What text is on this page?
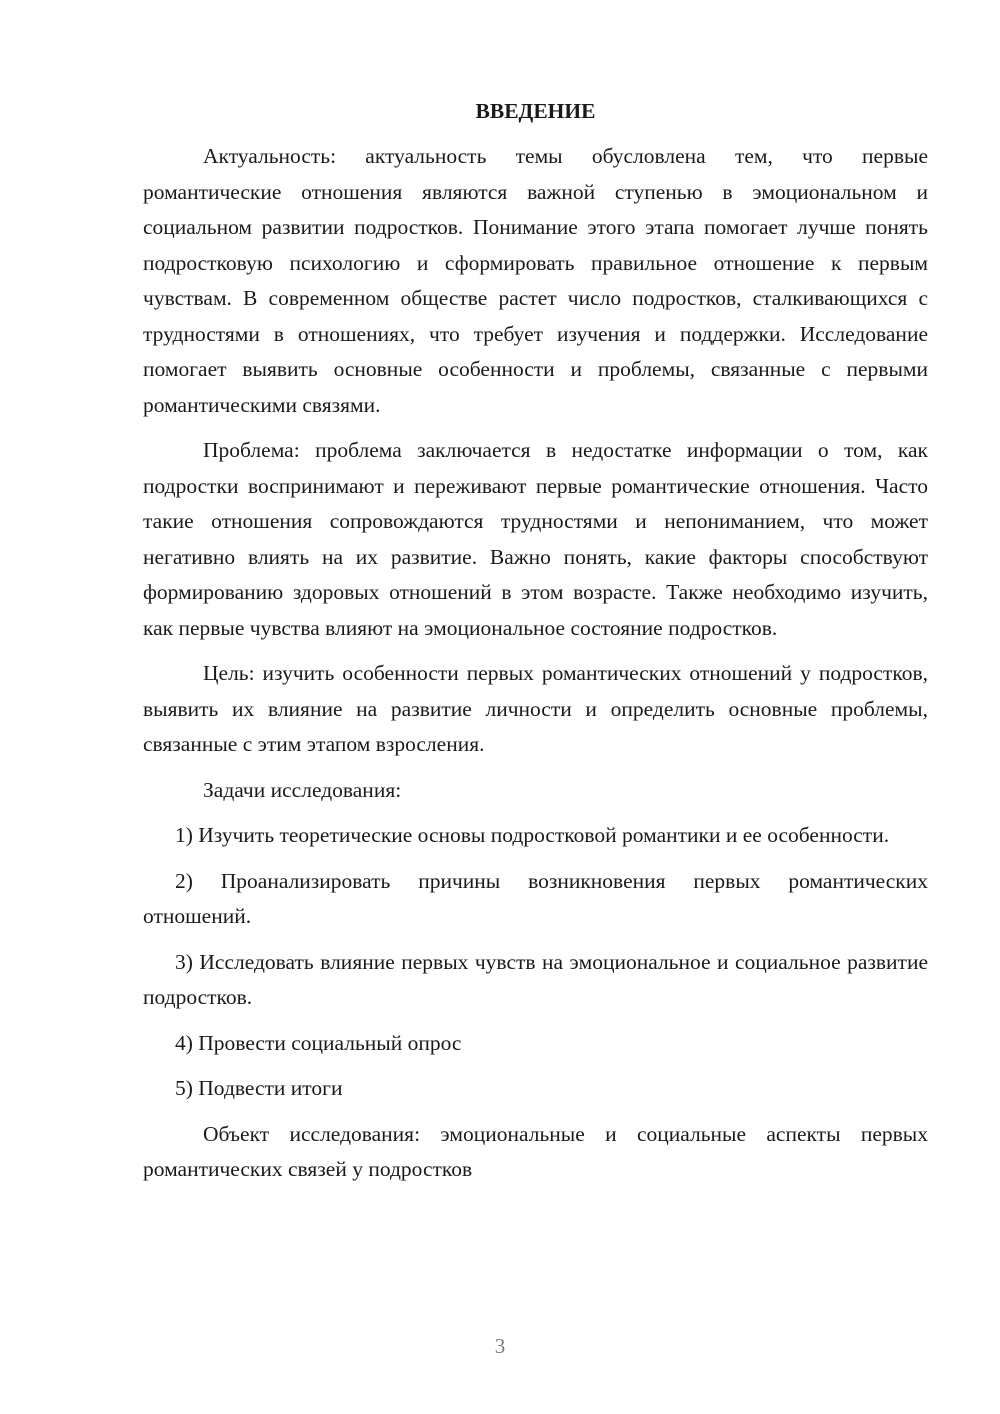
ВВЕДЕНИЕ

Актуальность: актуальность темы обусловлена тем, что первые романтические отношения являются важной ступенью в эмоциональном и социальном развитии подростков. Понимание этого этапа помогает лучше понять подростковую психологию и сформировать правильное отношение к первым чувствам. В современном обществе растет число подростков, сталкивающихся с трудностями в отношениях, что требует изучения и поддержки. Исследование помогает выявить основные особенности и проблемы, связанные с первыми романтическими связями.

Проблема: проблема заключается в недостатке информации о том, как подростки воспринимают и переживают первые романтические отношения. Часто такие отношения сопровождаются трудностями и непониманием, что может негативно влиять на их развитие. Важно понять, какие факторы способствуют формированию здоровых отношений в этом возрасте. Также необходимо изучить, как первые чувства влияют на эмоциональное состояние подростков.

Цель: изучить особенности первых романтических отношений у подростков, выявить их влияние на развитие личности и определить основные проблемы, связанные с этим этапом взросления.

Задачи исследования:

1) Изучить теоретические основы подростковой романтики и ее особенности.

2) Проанализировать причины возникновения первых романтических отношений.

3) Исследовать влияние первых чувств на эмоциональное и социальное развитие подростков.

4) Провести социальный опрос

5) Подвести итоги

Объект исследования: эмоциональные и социальные аспекты первых романтических связей у подростков

3
